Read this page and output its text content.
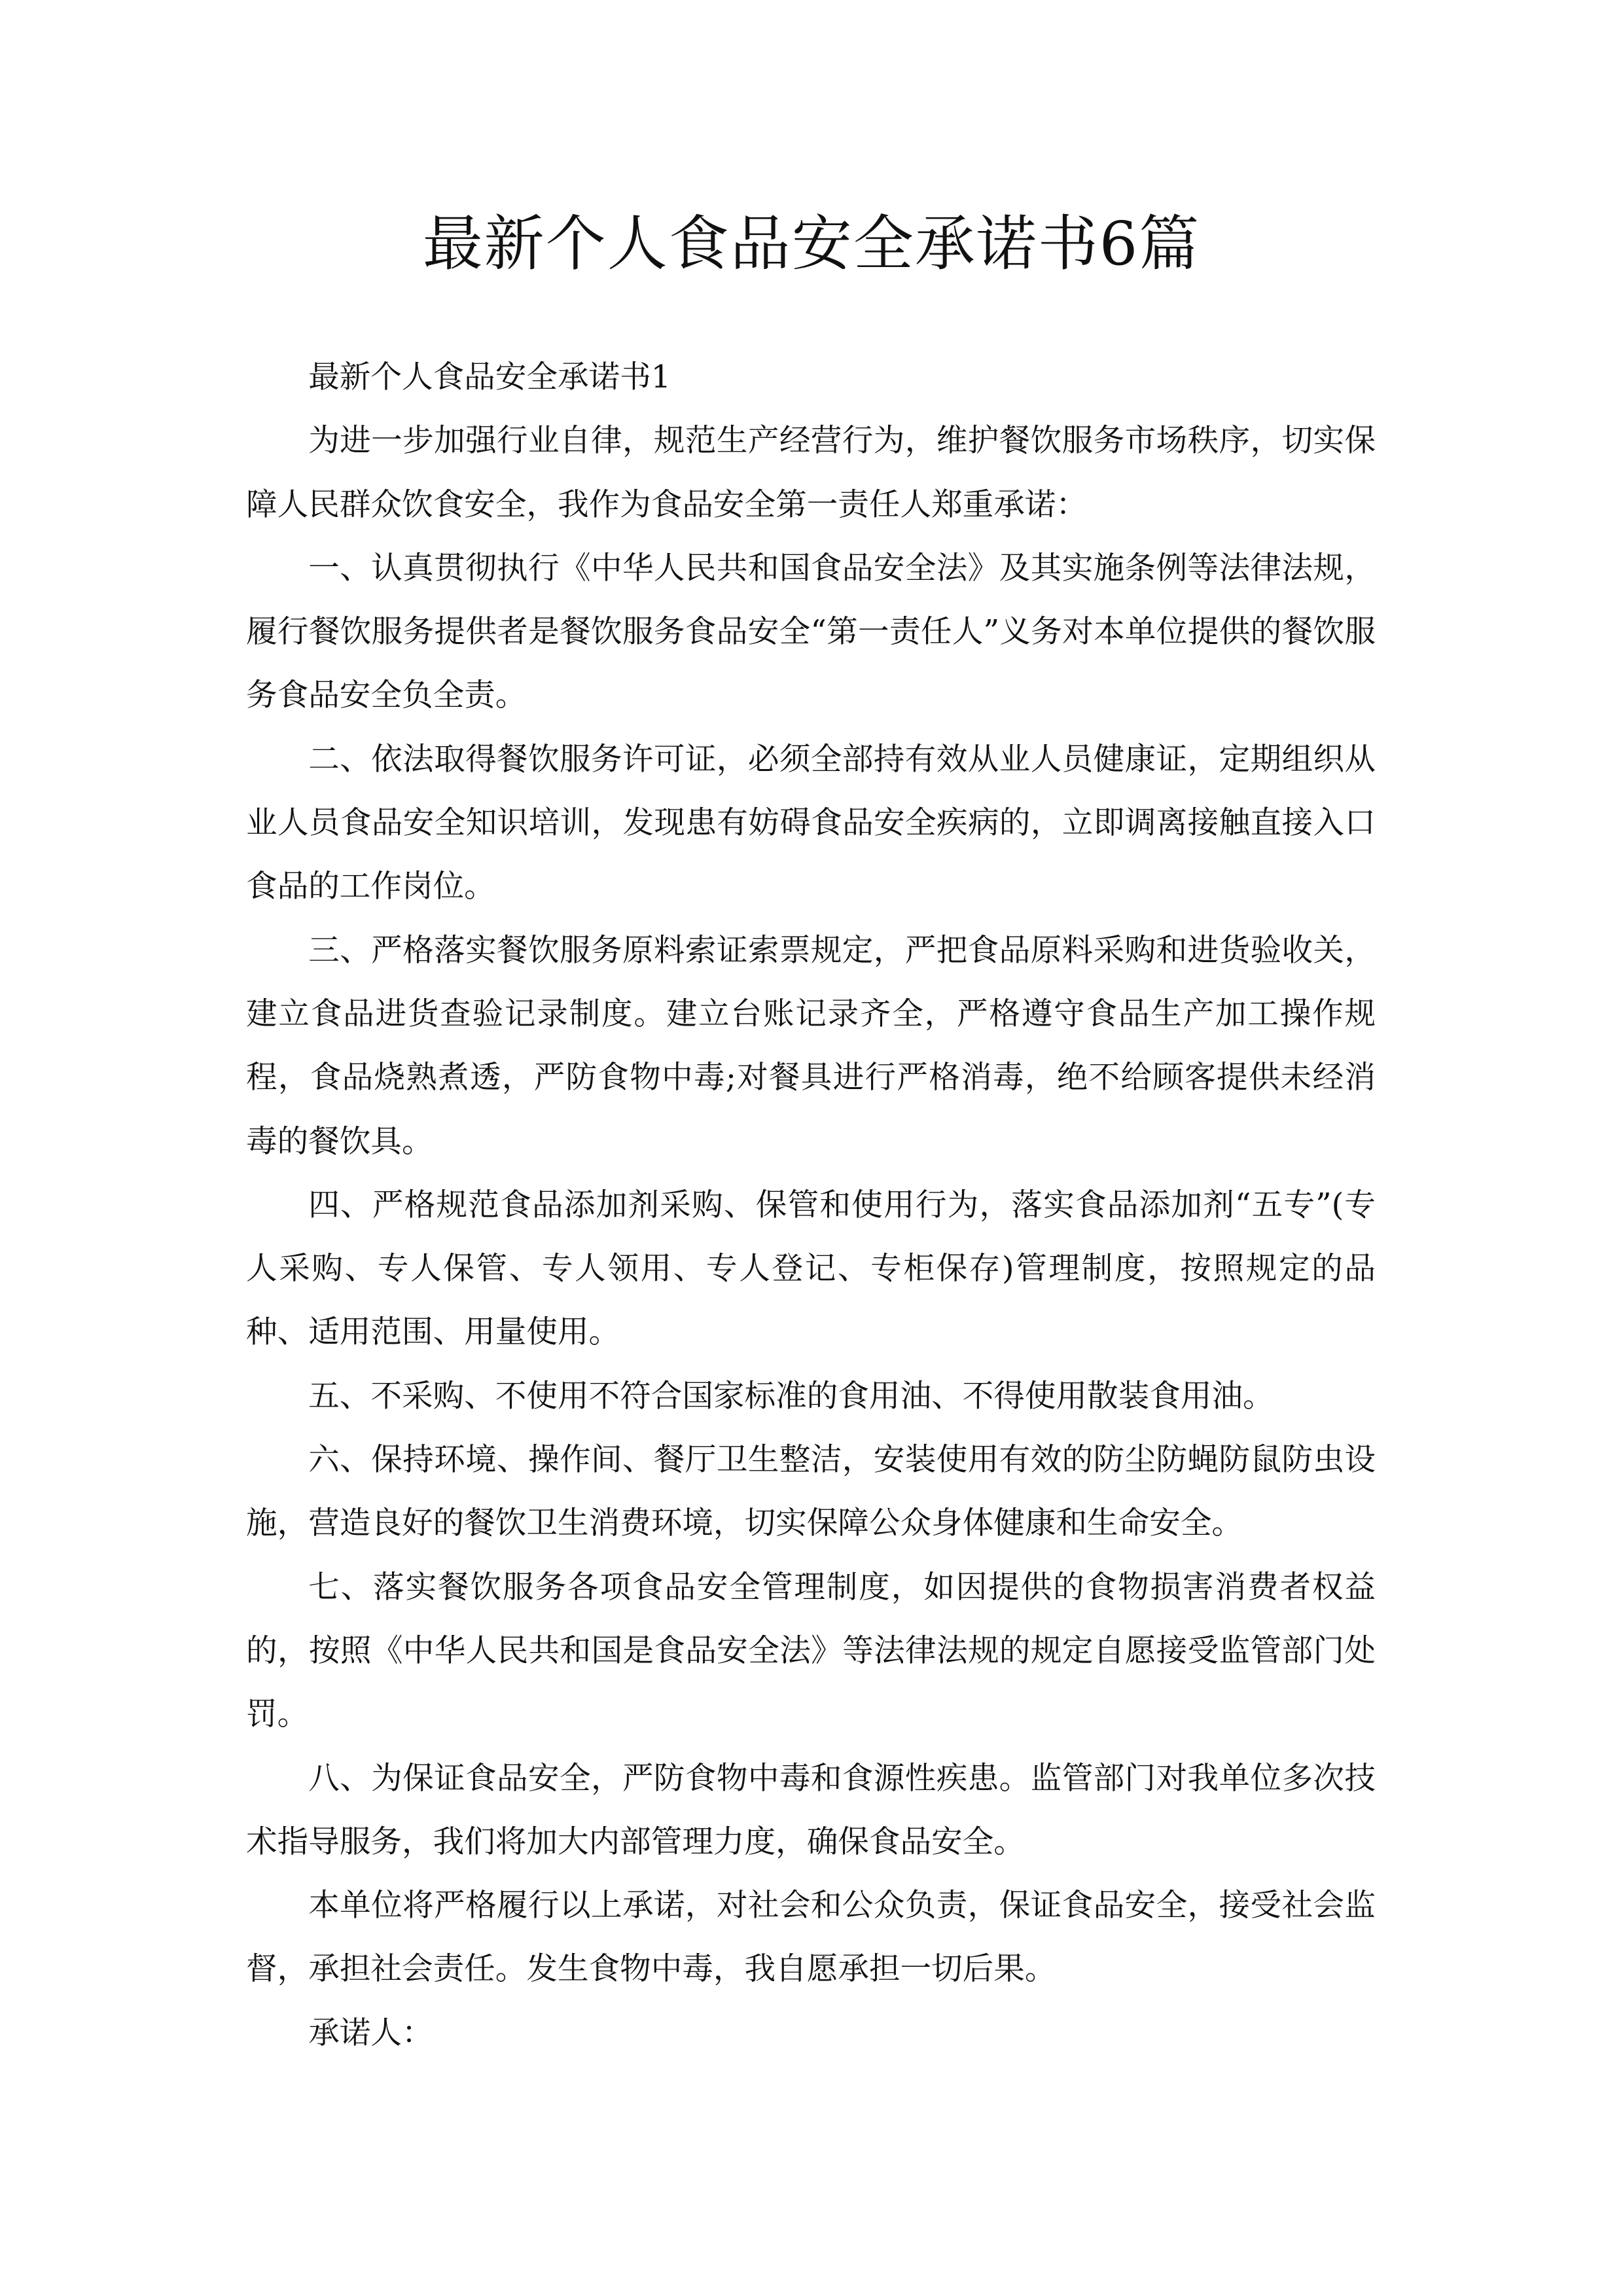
最新个人食品安全承诺书6篇

最新个人食品安全承诺书1

为进一步加强行业自律，规范生产经营行为，维护餐饮服务市场秩序，切实保障人民群众饮食安全，我作为食品安全第一责任人郑重承诺：

一、认真贯彻执行《中华人民共和国食品安全法》及其实施条例等法律法规，履行餐饮服务提供者是餐饮服务食品安全“第一责任人”义务对本单位提供的餐饮服务食品安全负全责。

二、依法取得餐饮服务许可证，必须全部持有效从业人员健康证，定期组织从业人员食品安全知识培训，发现患有妨碍食品安全疾病的，立即调离接触直接入口食品的工作岗位。

三、严格落实餐饮服务原料索证索票规定，严把食品原料采购和进货验收关，建立食品进货查验记录制度。建立台账记录齐全，严格遵守食品生产加工操作规程，食品烧熟煮透，严防食物中毒;对餐具进行严格消毒，绝不给顾客提供未经消毒的餐饮具。

四、严格规范食品添加剂采购、保管和使用行为，落实食品添加剂“五专”(专人采购、专人保管、专人领用、专人登记、专柜保存)管理制度，按照规定的品种、适用范围、用量使用。

五、不采购、不使用不符合国家标准的食用油、不得使用散装食用油。

六、保持环境、操作间、餐厅卫生整洁，安装使用有效的防尘防蝇防鼠防虫设施，营造良好的餐饮卫生消费环境，切实保障公众身体健康和生命安全。

七、落实餐饮服务各项食品安全管理制度，如因提供的食物损害消费者权益的，按照《中华人民共和国是食品安全法》等法律法规的规定自愿接受监管部门处罚。

八、为保证食品安全，严防食物中毒和食源性疾患。监管部门对我单位多次技术指导服务，我们将加大内部管理力度，确保食品安全。

本单位将严格履行以上承诺，对社会和公众负责，保证食品安全，接受社会监督，承担社会责任。发生食物中毒，我自愿承担一切后果。

承诺人：
